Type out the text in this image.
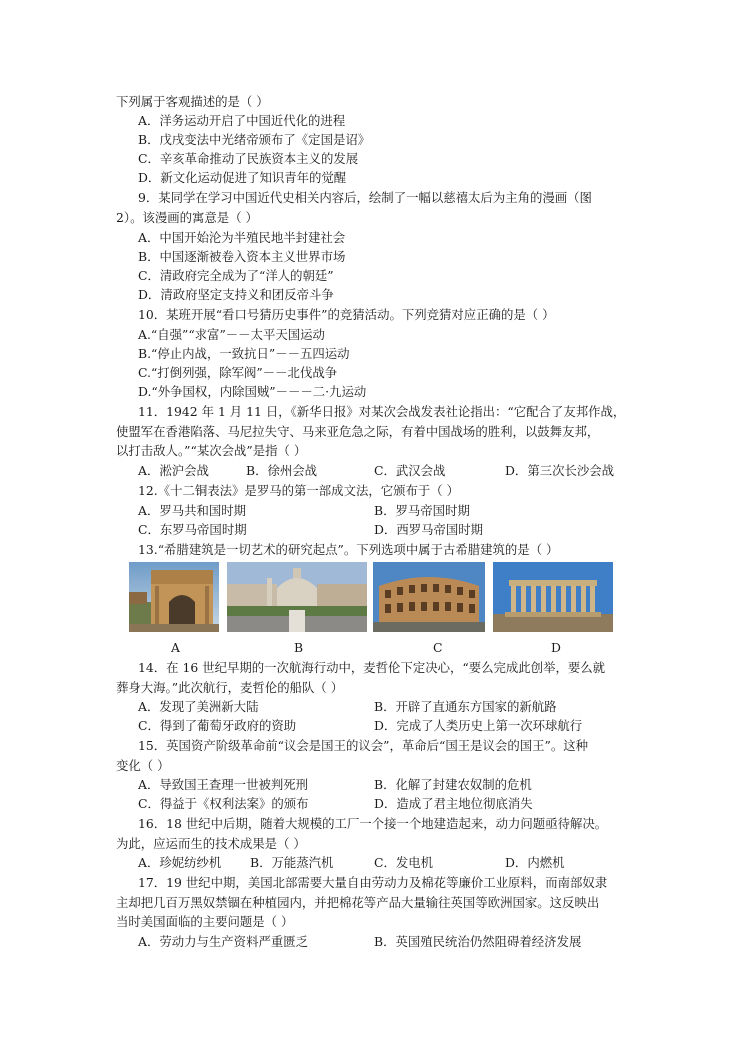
下列属于客观描述的是（ ）
A．洋务运动开启了中国近代化的进程
B．戊戌变法中光绪帝颁布了《定国是诏》
C．辛亥革命推动了民族资本主义的发展
D．新文化运动促进了知识青年的觉醒
9．某同学在学习中国近代史相关内容后，绘制了一幅以慈禧太后为主角的漫画（图
2）。该漫画的寓意是（ ）
A．中国开始沦为半殖民地半封建社会
B．中国逐渐被卷入资本主义世界市场
C．清政府完全成为了“洋人的朝廷”
D．清政府坚定支持义和团反帝斗争
10．某班开展“看口号猜历史事件”的竞猜活动。下列竞猜对应正确的是（ ）
A.“自强”“求富”－－太平天国运动
B.“停止内战，一致抗日”－－五四运动
C.“打倒列强，除军阀”－－北伐战争
D.“外争国权，内除国贼”－－－二·九运动
11．1942 年 1 月 11 日，《新华日报》对某次会战发表社论指出：“它配合了友邦作战，
使盟军在香港陷落、马尼拉失守、马来亚危急之际，有着中国战场的胜利，以鼓舞友邦，
以打击敌人。”“某次会战”是指（ ）
A．淞沪会战	B．徐州会战	C．武汉会战	D．第三次长沙会战
12.《十二铜表法》是罗马的第一部成文法，它颁布于（ ）
A．罗马共和国时期	B．罗马帝国时期
C．东罗马帝国时期	D．西罗马帝国时期
13.“希腊建筑是一切艺术的研究起点”。下列选项中属于古希腊建筑的是（ ）
A	B	C	D
14．在 16 世纪早期的一次航海行动中，麦哲伦下定决心，“要么完成此创举，要么就
葬身大海。”此次航行，麦哲伦的船队（ ）
A．发现了美洲新大陆	B．开辟了直通东方国家的新航路
C．得到了葡萄牙政府的资助	D．完成了人类历史上第一次环球航行
15．英国资产阶级革命前“议会是国王的议会”，革命后“国王是议会的国王”。这种
变化（ ）
A．导致国王查理一世被判死刑	B．化解了封建农奴制的危机
C．得益于《权利法案》的颁布	D．造成了君主地位彻底消失
16．18 世纪中后期，随着大规模的工厂一个接一个地建造起来，动力问题亟待解决。
为此，应运而生的技术成果是（ ）
A．珍妮纺纱机 B．万能蒸汽机	C．发电机	D．内燃机
17．19 世纪中期，美国北部需要大量自由劳动力及棉花等廉价工业原料，而南部奴隶
主却把几百万黑奴禁锢在种植园内，并把棉花等产品大量输往英国等欧洲国家。这反映出
当时美国面临的主要问题是（ ）
A．劳动力与生产资料严重匮乏	B．英国殖民统治仍然阻碍着经济发展
